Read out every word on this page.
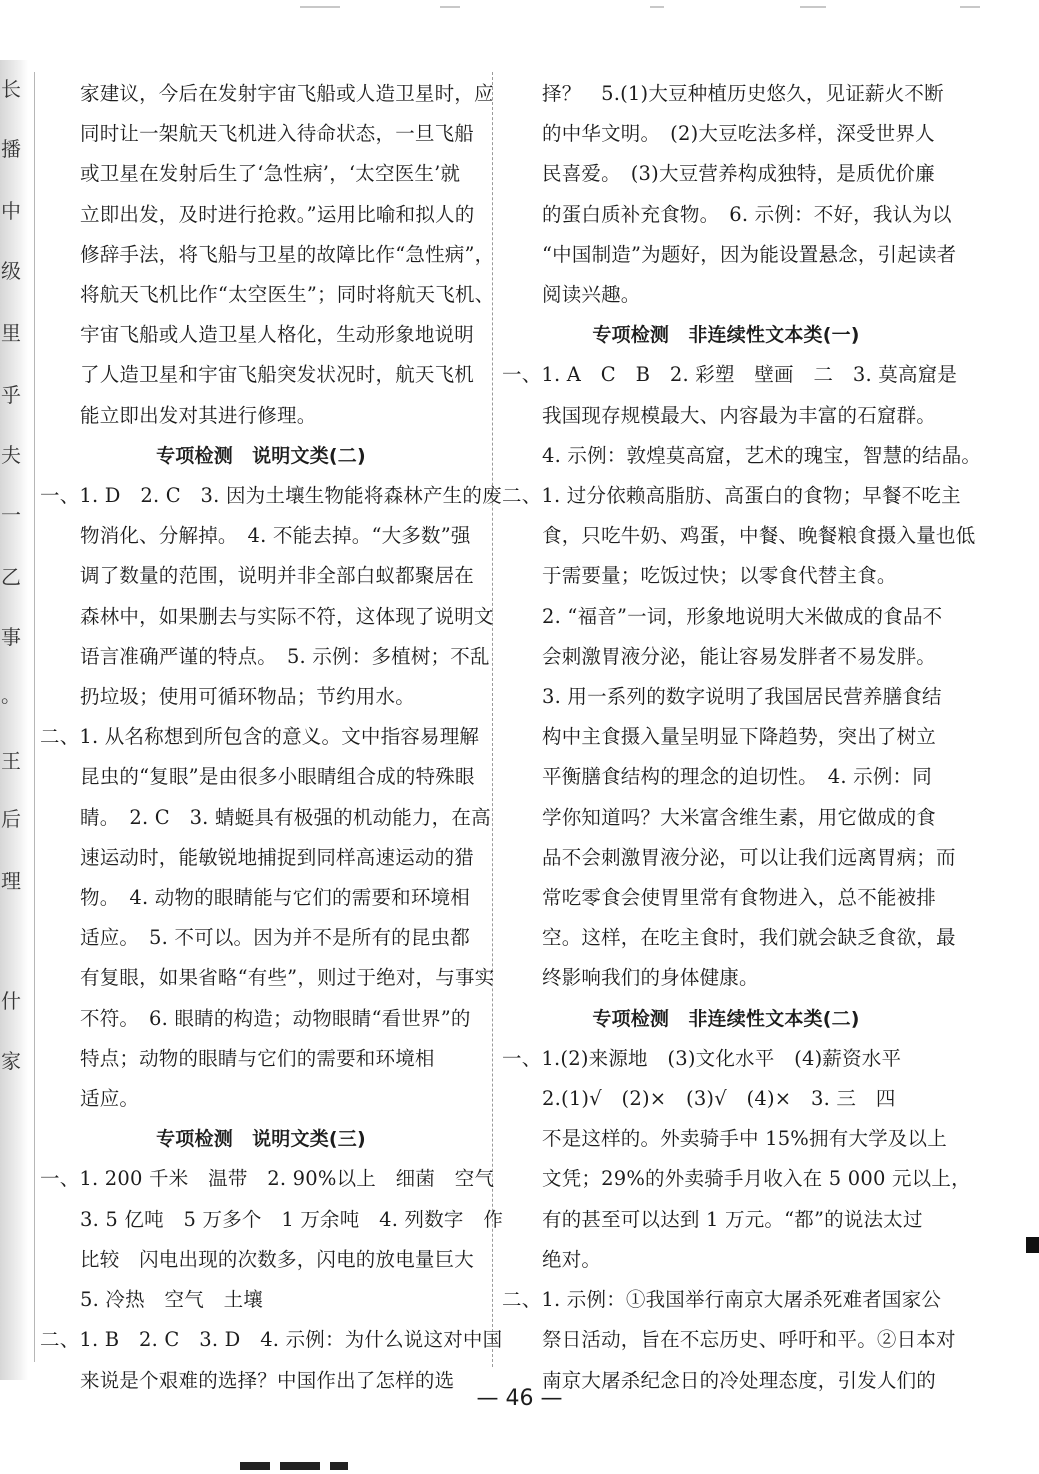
长
播
中
级
里
乎
夫
一
乙
事
。
王
后
理
什
家

家建议，今后在发射宇宙飞船或人造卫星时，应

同时让一架航天飞机进入待命状态，一旦飞船

或卫星在发射后生了‘急性病’，‘太空医生’就

立即出发，及时进行抢救。”运用比喻和拟人的

修辞手法，将飞船与卫星的故障比作“急性病”，

将航天飞机比作“太空医生”；同时将航天飞机、

宇宙飞船或人造卫星人格化，生动形象地说明

了人造卫星和宇宙飞船突发状况时，航天飞机

能立即出发对其进行修理。

专项检测　说明文类(二)

一、1. D　2. C　3. 因为土壤生物能将森林产生的废

物消化、分解掉。　4. 不能去掉。“大多数”强

调了数量的范围，说明并非全部白蚁都聚居在

森林中，如果删去与实际不符，这体现了说明文

语言准确严谨的特点。　5. 示例：多植树；不乱

扔垃圾；使用可循环物品；节约用水。

二、1. 从名称想到所包含的意义。文中指容易理解

昆虫的“复眼”是由很多小眼睛组合成的特殊眼

睛。　2. C　3. 蜻蜓具有极强的机动能力，在高

速运动时，能敏锐地捕捉到同样高速运动的猎

物。　4. 动物的眼睛能与它们的需要和环境相

适应。　5. 不可以。因为并不是所有的昆虫都

有复眼，如果省略“有些”，则过于绝对，与事实

不符。　6. 眼睛的构造；动物眼睛“看世界”的

特点；动物的眼睛与它们的需要和环境相

适应。

专项检测　说明文类(三)

一、1. 200 千米　温带　2. 90%以上　细菌　空气

3. 5 亿吨　5 万多个　1 万余吨　4. 列数字　作

比较　闪电出现的次数多，闪电的放电量巨大

5. 冷热　空气　土壤

二、1. B　2. C　3. D　4. 示例：为什么说这对中国

来说是个艰难的选择？中国作出了怎样的选

择？　5.(1)大豆种植历史悠久，见证薪火不断

的中华文明。　(2)大豆吃法多样，深受世界人

民喜爱。　(3)大豆营养构成独特，是质优价廉

的蛋白质补充食物。　6. 示例：不好，我认为以

“中国制造”为题好，因为能设置悬念，引起读者

阅读兴趣。

专项检测　非连续性文本类(一)

一、1. A　C　B　2. 彩塑　壁画　二　3. 莫高窟是

我国现存规模最大、内容最为丰富的石窟群。

4. 示例：敦煌莫高窟，艺术的瑰宝，智慧的结晶。

二、1. 过分依赖高脂肪、高蛋白的食物；早餐不吃主

食，只吃牛奶、鸡蛋，中餐、晚餐粮食摄入量也低

于需要量；吃饭过快；以零食代替主食。

2. “福音”一词，形象地说明大米做成的食品不

会刺激胃液分泌，能让容易发胖者不易发胖。

3. 用一系列的数字说明了我国居民营养膳食结

构中主食摄入量呈明显下降趋势，突出了树立

平衡膳食结构的理念的迫切性。　4. 示例：同

学你知道吗？大米富含维生素，用它做成的食

品不会刺激胃液分泌，可以让我们远离胃病；而

常吃零食会使胃里常有食物进入，总不能被排

空。这样，在吃主食时，我们就会缺乏食欲，最

终影响我们的身体健康。

专项检测　非连续性文本类(二)

一、1.(2)来源地　(3)文化水平　(4)薪资水平

2.(1)√　(2)×　(3)√　(4)×　3. 三　四

不是这样的。外卖骑手中 15%拥有大学及以上

文凭；29%的外卖骑手月收入在 5 000 元以上，

有的甚至可以达到 1 万元。“都”的说法太过

绝对。

二、1. 示例：①我国举行南京大屠杀死难者国家公

祭日活动，旨在不忘历史、呼吁和平。②日本对

南京大屠杀纪念日的冷处理态度，引发人们的

— 46 —
